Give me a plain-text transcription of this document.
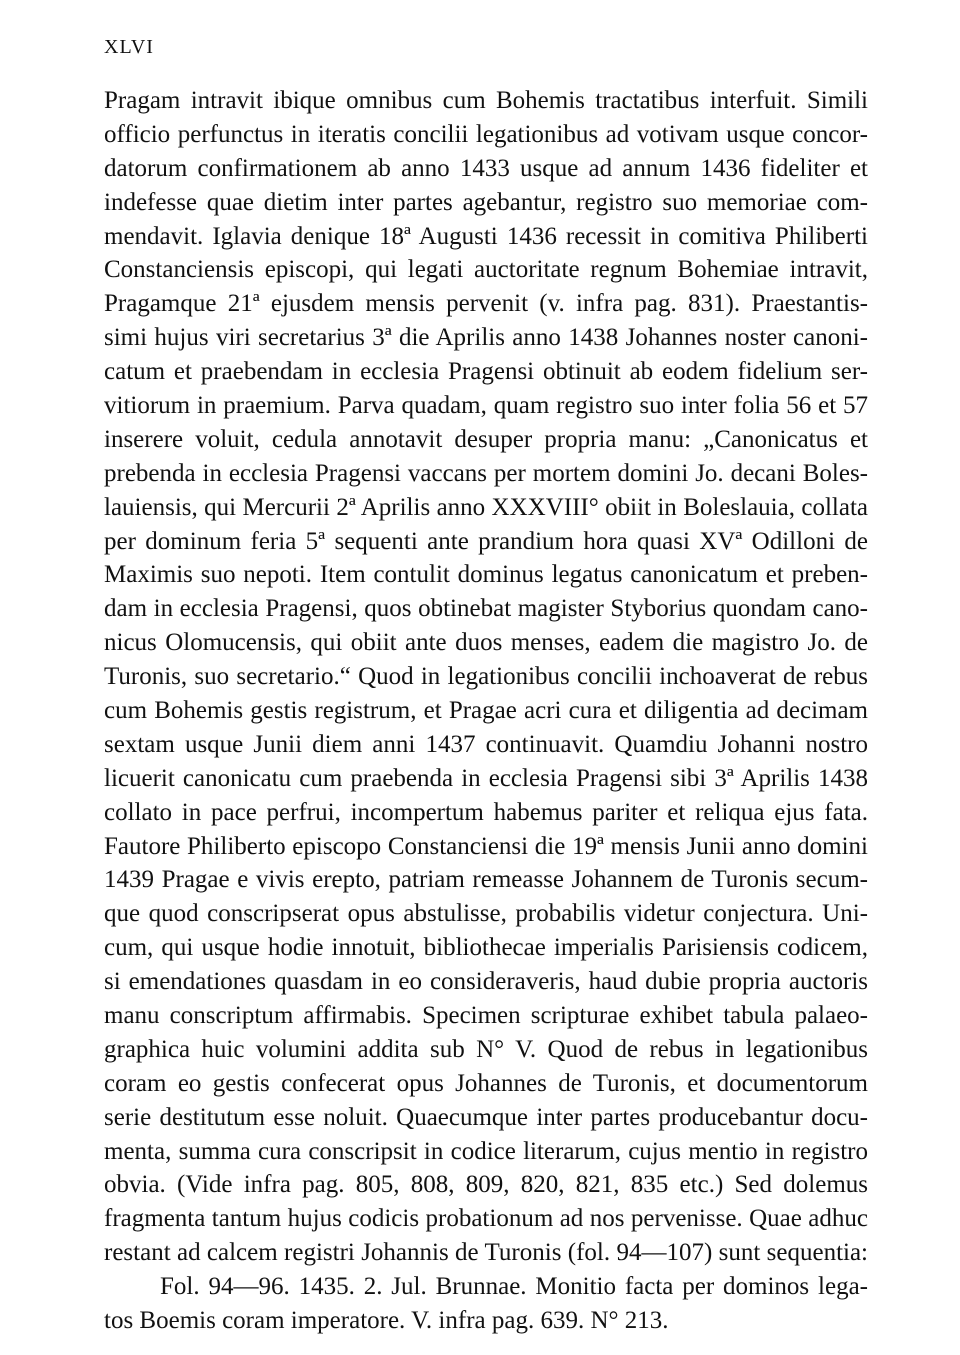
XLVI
Pragam intravit ibique omnibus cum Bohemis tractatibus interfuit. Simili
officio perfunctus in iteratis concilii legationibus ad votivam usque concor-
datorum confirmationem ab anno 1433 usque ad annum 1436 fideliter et
indefesse quae dietim inter partes agebantur, registro suo memoriae com-
mendavit. Iglavia denique 18ª Augusti 1436 recessit in comitiva Philiberti
Constanciensis episcopi, qui legati auctoritate regnum Bohemiae intravit,
Pragamque 21ª ejusdem mensis pervenit (v. infra pag. 831). Praestantis-
simi hujus viri secretarius 3ª die Aprilis anno 1438 Johannes noster canoni-
catum et praebendam in ecclesia Pragensi obtinuit ab eodem fidelium ser-
vitiorum in praemium. Parva quadam, quam registro suo inter folia 56 et 57
inserere voluit, cedula annotavit desuper propria manu: „Canonicatus et
prebenda in ecclesia Pragensi vaccans per mortem domini Jo. decani Boles-
lauiensis, qui Mercurii 2ª Aprilis anno XXXVIII° obiit in Boleslauia, collata
per dominum feria 5ª sequenti ante prandium hora quasi XVª Odilloni de
Maximis suo nepoti. Item contulit dominus legatus canonicatum et preben-
dam in ecclesia Pragensi, quos obtinebat magister Styborius quondam cano-
nicus Olomucensis, qui obiit ante duos menses, eadem die magistro Jo. de
Turonis, suo secretario.“ Quod in legationibus concilii inchoaverat de rebus
cum Bohemis gestis registrum, et Pragae acri cura et diligentia ad decimam
sextam usque Junii diem anni 1437 continuavit. Quamdiu Johanni nostro
licuerit canonicatu cum praebenda in ecclesia Pragensi sibi 3ª Aprilis 1438
collato in pace perfrui, incompertum habemus pariter et reliqua ejus fata.
Fautore Philiberto episcopo Constanciensi die 19ª mensis Junii anno domini
1439 Pragae e vivis erepto, patriam remeasse Johannem de Turonis secum-
que quod conscripserat opus abstulisse, probabilis videtur conjectura. Uni-
cum, qui usque hodie innotuit, bibliothecae imperialis Parisiensis codicem,
si emendationes quasdam in eo consideraveris, haud dubie propria auctoris
manu conscriptum affirmabis. Specimen scripturae exhibet tabula palaeo-
graphica huic volumini addita sub N° V. Quod de rebus in legationibus
coram eo gestis confecerat opus Johannes de Turonis, et documentorum
serie destitutum esse noluit. Quaecumque inter partes producebantur docu-
menta, summa cura conscripsit in codice literarum, cujus mentio in registro
obvia. (Vide infra pag. 805, 808, 809, 820, 821, 835 etc.) Sed dolemus
fragmenta tantum hujus codicis probationum ad nos pervenisse. Quae adhuc
restant ad calcem registri Johannis de Turonis (fol. 94—107) sunt sequentia:
Fol. 94—96. 1435. 2. Jul. Brunnae. Monitio facta per dominos lega-
tos Boemis coram imperatore. V. infra pag. 639. N° 213.
